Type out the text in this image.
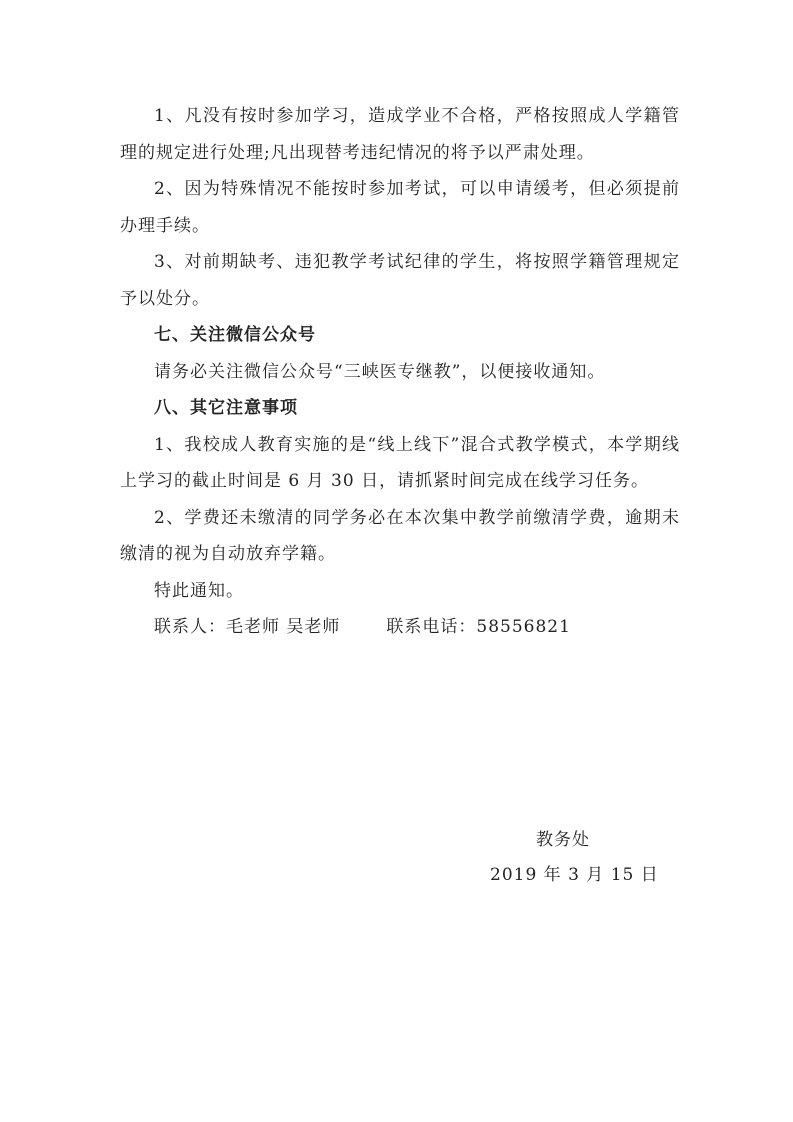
1、凡没有按时参加学习，造成学业不合格，严格按照成人学籍管理的规定进行处理;凡出现替考违纪情况的将予以严肃处理。

2、因为特殊情况不能按时参加考试，可以申请缓考，但必须提前办理手续。

3、对前期缺考、违犯教学考试纪律的学生，将按照学籍管理规定予以处分。

七、关注微信公众号

请务必关注微信公众号“三峡医专继教”，以便接收通知。

八、其它注意事项

1、我校成人教育实施的是“线上线下”混合式教学模式，本学期线上学习的截止时间是 6 月 30 日，请抓紧时间完成在线学习任务。

2、学费还未缴清的同学务必在本次集中教学前缴清学费，逾期未缴清的视为自动放弃学籍。

特此通知。

联系人：毛老师 吴老师	联系电话：58556821

教务处
2019 年 3 月 15 日
